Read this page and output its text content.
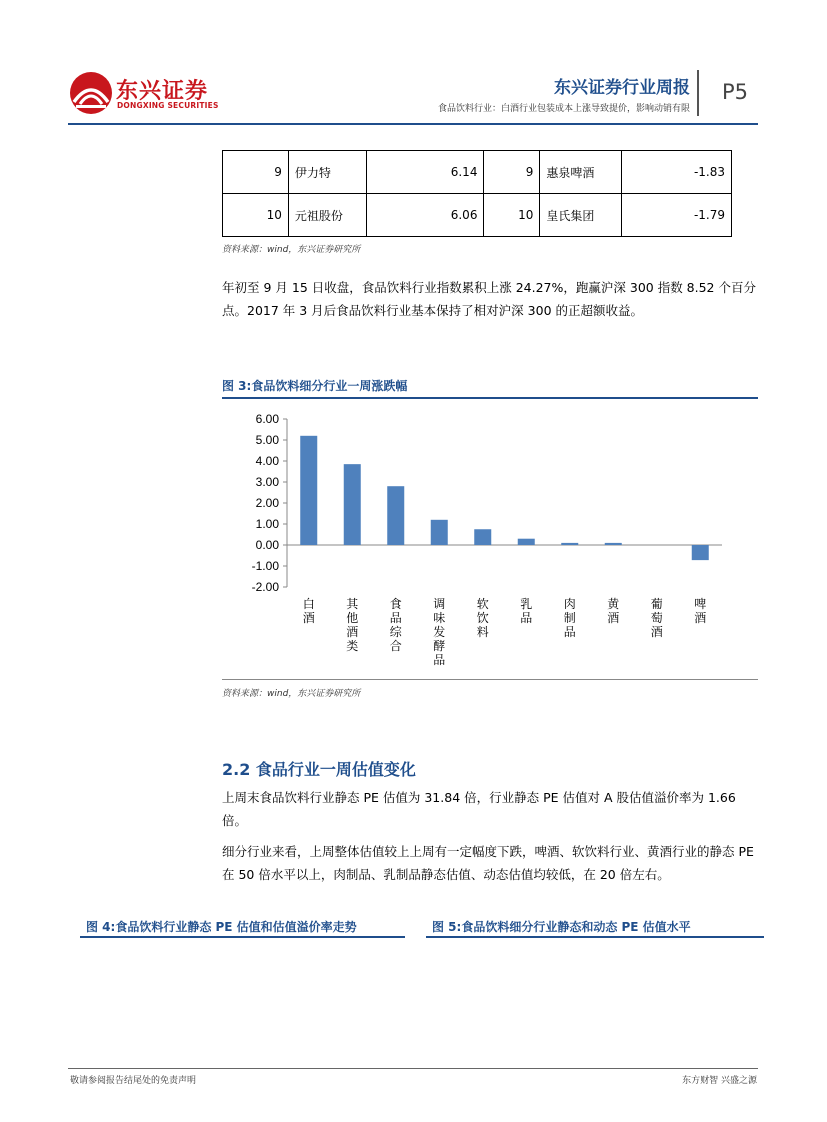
东兴证券
DONGXING SECURITIES
东兴证券行业周报
食品饮料行业：白酒行业包装成本上涨导致提价，影响动销有限
P5
9	伊力特	6.14	9	惠泉啤酒	-1.83
10	元祖股份	6.06	10	皇氏集团	-1.79
资料来源：wind，东兴证券研究所
年初至 9 月 15 日收盘，食品饮料行业指数累积上涨 24.27%，跑赢沪深 300 指数 8.52 个百分点。2017 年 3 月后食品饮料行业基本保持了相对沪深 300 的正超额收益。
图 3:食品饮料细分行业一周涨跌幅
6.00
5.00
4.00
3.00
2.00
1.00
0.00
-1.00
-2.00
白酒
其他酒类
食品综合
调味发酵品
软饮料
乳品
肉制品
黄酒
葡萄酒
啤酒
资料来源：wind，东兴证券研究所
2.2 食品行业一周估值变化
上周末食品饮料行业静态 PE 估值为 31.84 倍，行业静态 PE 估值对 A 股估值溢价率为 1.66 倍。
细分行业来看，上周整体估值较上上周有一定幅度下跌，啤酒、软饮料行业、黄酒行业的静态 PE 在 50 倍水平以上，肉制品、乳制品静态估值、动态估值均较低，在 20 倍左右。
图 4:食品饮料行业静态 PE 估值和估值溢价率走势	图 5:食品饮料细分行业静态和动态 PE 估值水平
敬请参阅报告结尾处的免责声明	东方财智 兴盛之源
